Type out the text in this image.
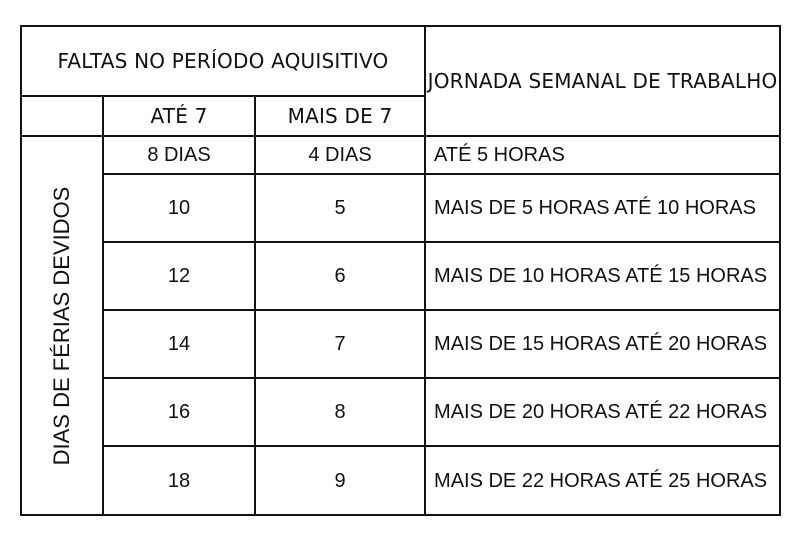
FALTAS NO PERÍODO AQUISITIVO			JORNADA SEMANAL DE TRABALHO
	ATÉ 7	MAIS DE 7	

DIAS DE FÉRIAS DEVIDOS	8 DIAS	4 DIAS	ATÉ 5 HORAS
	10	5	MAIS DE 5 HORAS ATÉ 10 HORAS
	12	6	MAIS DE 10 HORAS ATÉ 15 HORAS
	14	7	MAIS DE 15 HORAS ATÉ 20 HORAS
	16	8	MAIS DE 20 HORAS ATÉ 22 HORAS
	18	9	MAIS DE 22 HORAS ATÉ 25 HORAS
